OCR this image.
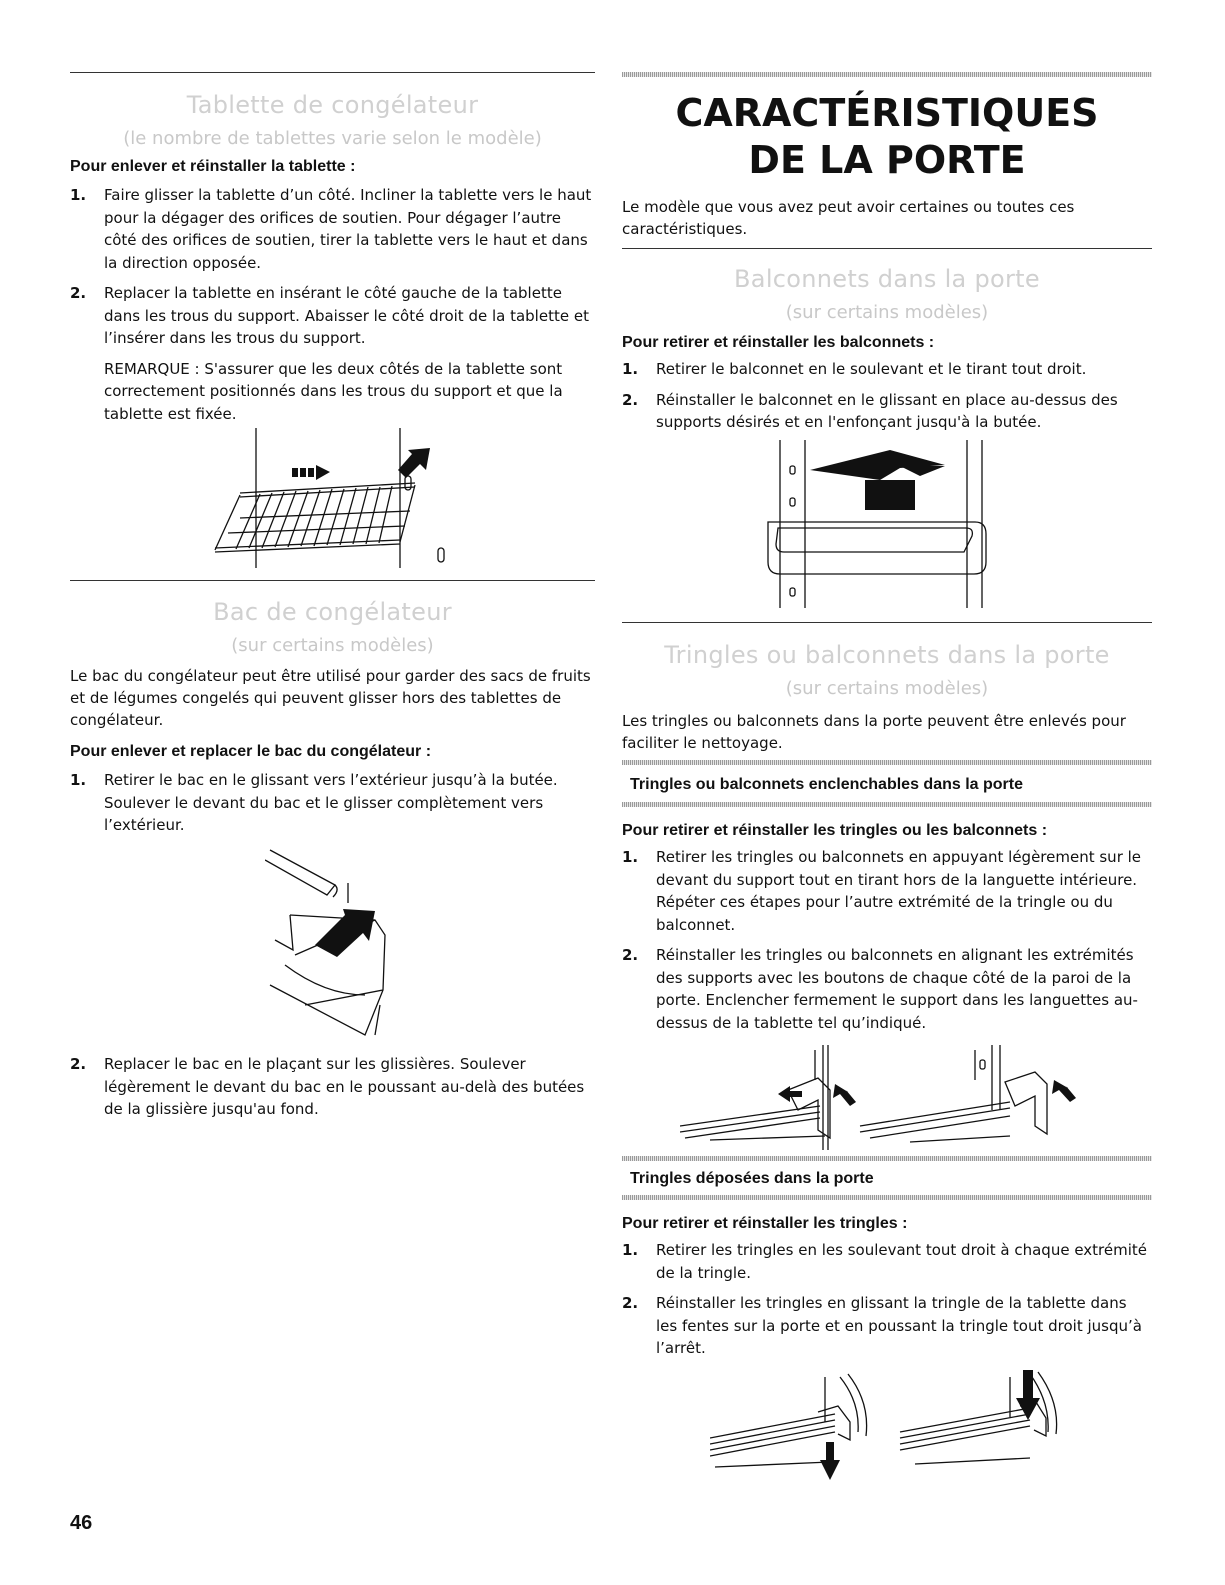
Tablette de congélateur

(le nombre de tablettes varie selon le modèle)

Pour enlever et réinstaller la tablette :

1. Faire glisser la tablette d’un côté. Incliner la tablette vers le haut pour la dégager des orifices de soutien. Pour dégager l’autre côté des orifices de soutien, tirer la tablette vers le haut et dans la direction opposée.
2. Replacer la tablette en insérant le côté gauche de la tablette dans les trous du support. Abaisser le côté droit de la tablette et l’insérer dans les trous du support.

REMARQUE : S'assurer que les deux côtés de la tablette sont correctement positionnés dans les trous du support et que la tablette est fixée.

Bac de congélateur

(sur certains modèles)

Le bac du congélateur peut être utilisé pour garder des sacs de fruits et de légumes congelés qui peuvent glisser hors des tablettes de congélateur.

Pour enlever et replacer le bac du congélateur :

1. Retirer le bac en le glissant vers l’extérieur jusqu’à la butée. Soulever le devant du bac et le glisser complètement vers l’extérieur.
2. Replacer le bac en le plaçant sur les glissières. Soulever légèrement le devant du bac en le poussant au-delà des butées de la glissière jusqu'au fond.
CARACTÉRISTIQUES
DE LA PORTE

Le modèle que vous avez peut avoir certaines ou toutes ces caractéristiques.

Balconnets dans la porte

(sur certains modèles)

Pour retirer et réinstaller les balconnets :

1. Retirer le balconnet en le soulevant et le tirant tout droit.
2. Réinstaller le balconnet en le glissant en place au-dessus des supports désirés et en l'enfonçant jusqu'à la butée.
Tringles ou balconnets dans la porte

(sur certains modèles)

Les tringles ou balconnets dans la porte peuvent être enlevés pour faciliter le nettoyage.

Tringles ou balconnets enclenchables dans la porte

Pour retirer et réinstaller les tringles ou les balconnets :

1. Retirer les tringles ou balconnets en appuyant légèrement sur le devant du support tout en tirant hors de la languette intérieure. Répéter ces étapes pour l’autre extrémité de la tringle ou du balconnet.
2. Réinstaller les tringles ou balconnets en alignant les extrémités des supports avec les boutons de chaque côté de la paroi de la porte. Enclencher fermement le support dans les languettes au-dessus de la tablette tel qu’indiqué.
Tringles déposées dans la porte

Pour retirer et réinstaller les tringles :

1. Retirer les tringles en les soulevant tout droit à chaque extrémité de la tringle.
2. Réinstaller les tringles en glissant la tringle de la tablette dans les fentes sur la porte et en poussant la tringle tout droit jusqu’à l’arrêt.
46
